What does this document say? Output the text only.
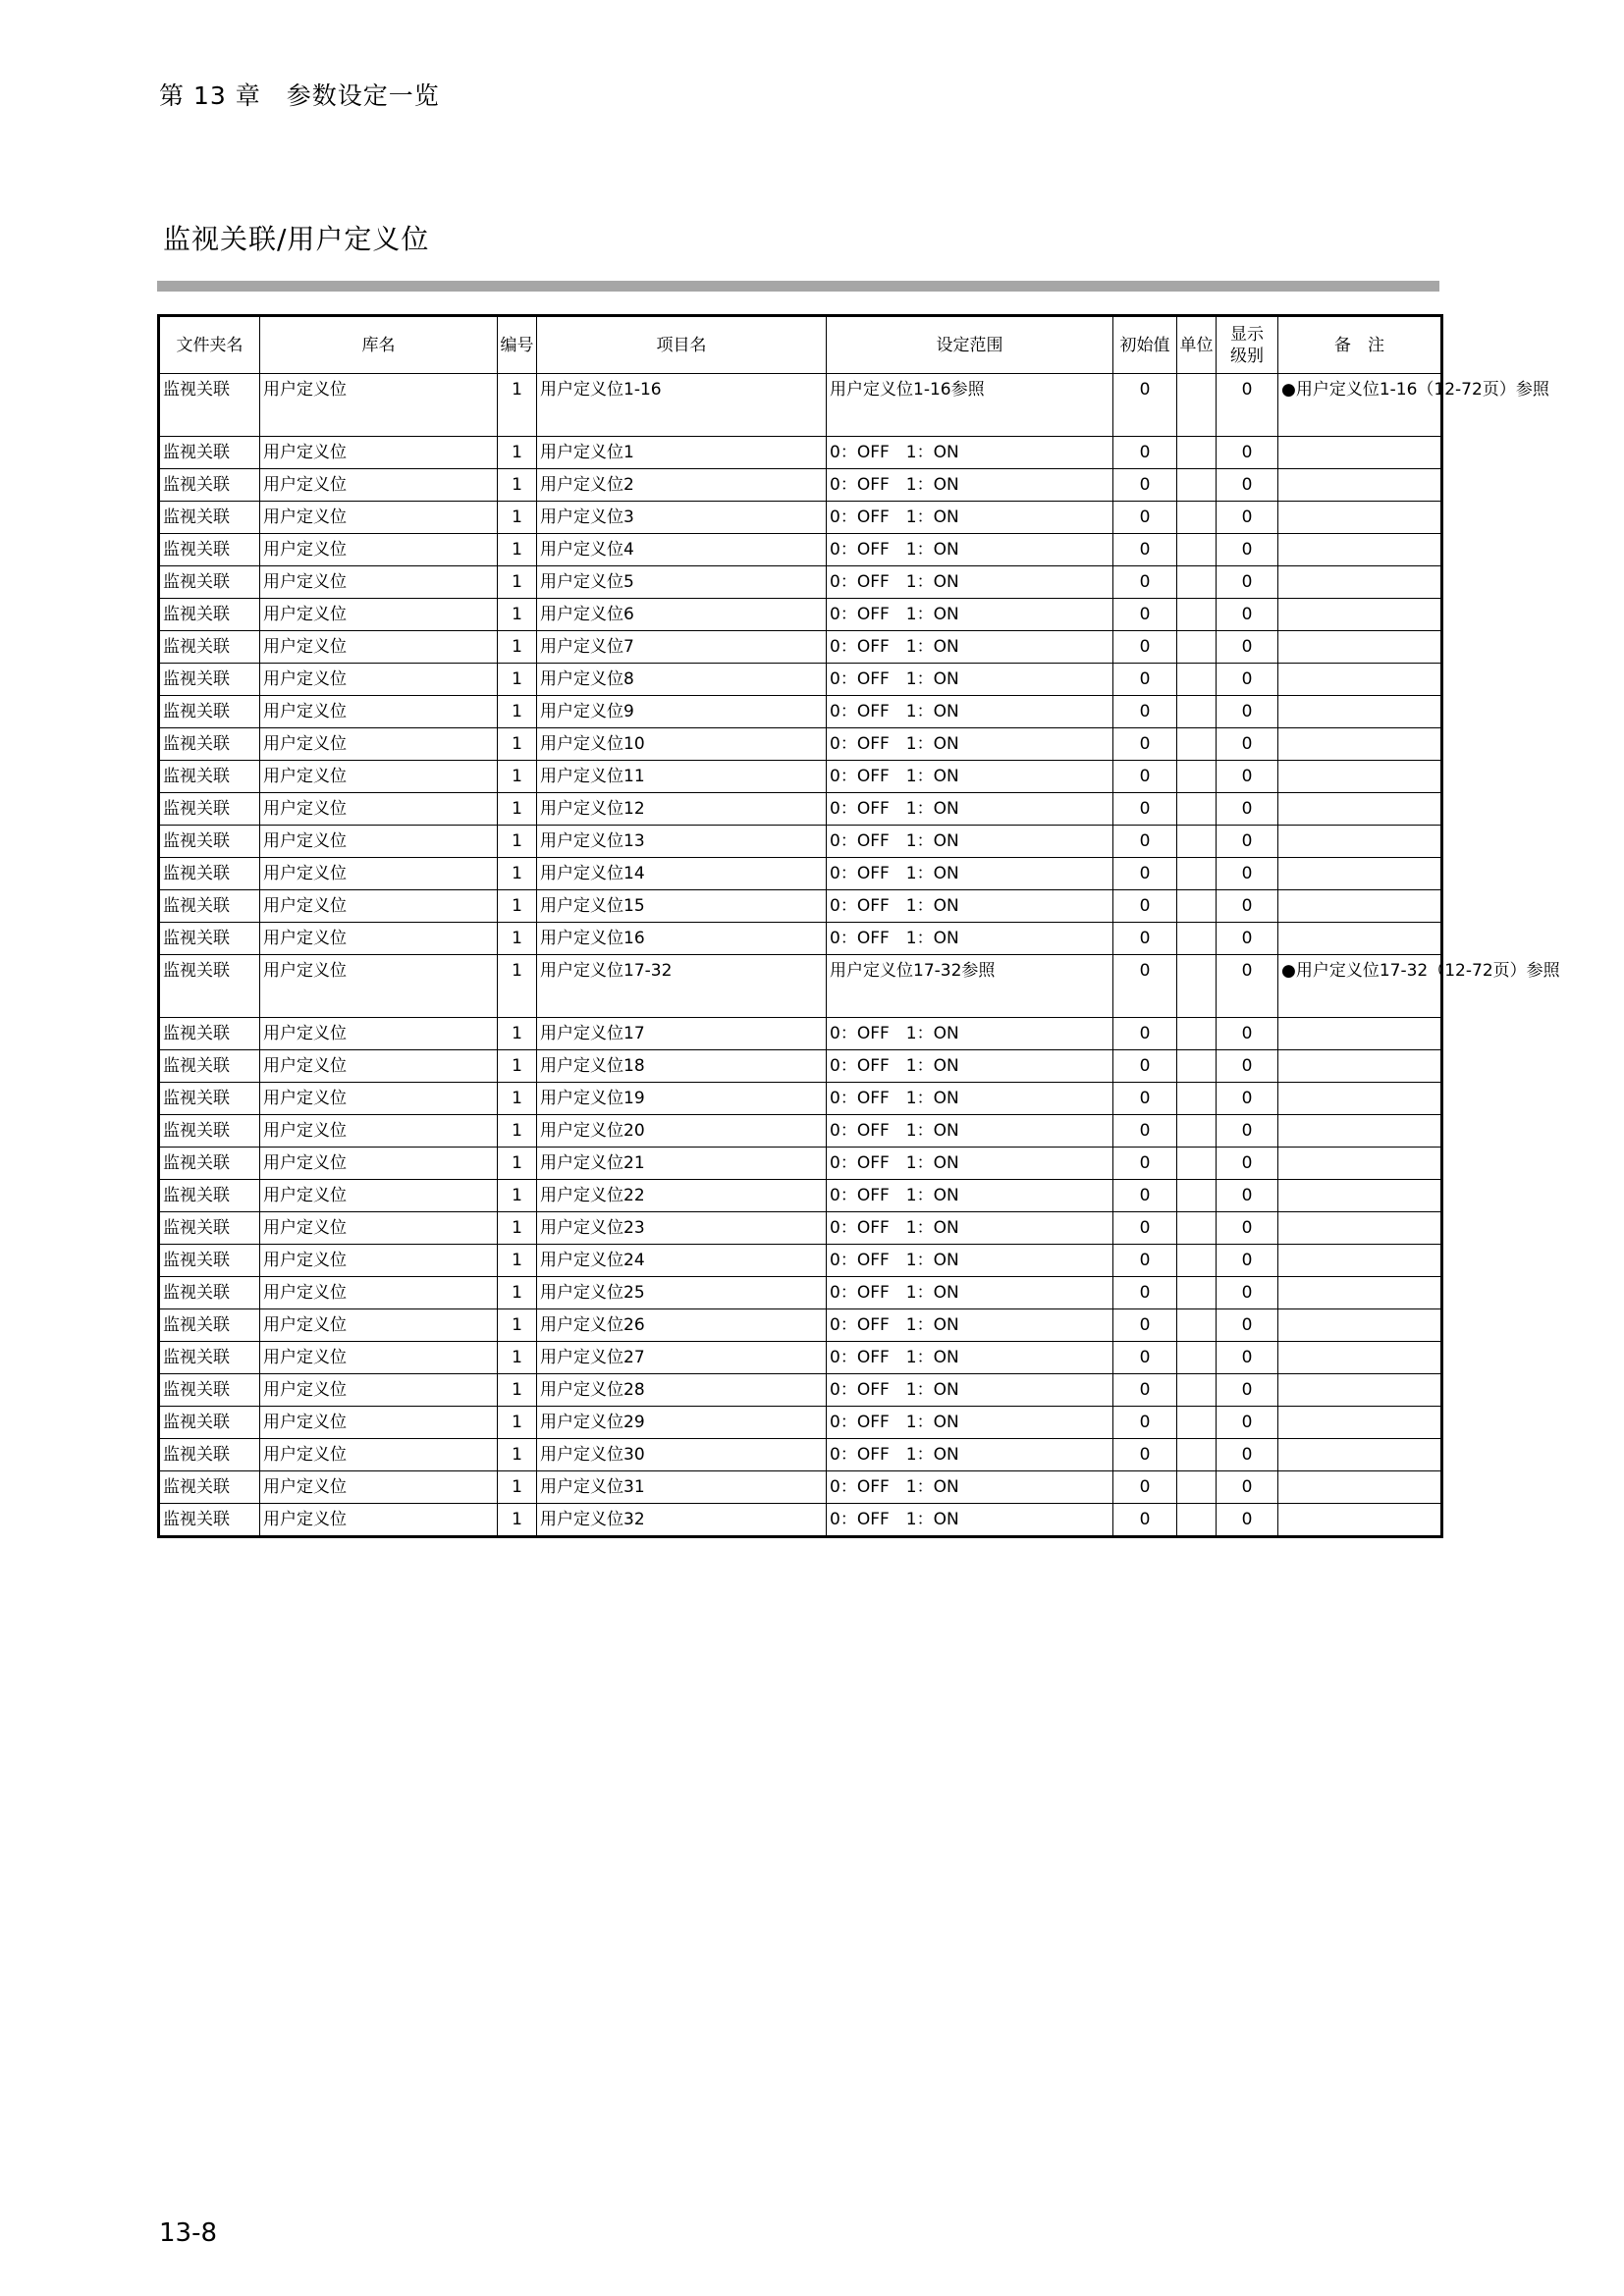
第 13 章　参数设定一览
监视关联/用户定义位
文件夹名	库名	编号	项目名	设定范围	初始值	单位	显示级别	备　注
监视关联	用户定义位	1	用户定义位1-16	用户定义位1-16参照	0		0	●用户定义位1-16（12-72页）参照
监视关联	用户定义位	1	用户定义位1	0：OFF　1：ON	0		0	
监视关联	用户定义位	1	用户定义位2	0：OFF　1：ON	0		0	
监视关联	用户定义位	1	用户定义位3	0：OFF　1：ON	0		0	
监视关联	用户定义位	1	用户定义位4	0：OFF　1：ON	0		0	
监视关联	用户定义位	1	用户定义位5	0：OFF　1：ON	0		0	
监视关联	用户定义位	1	用户定义位6	0：OFF　1：ON	0		0	
监视关联	用户定义位	1	用户定义位7	0：OFF　1：ON	0		0	
监视关联	用户定义位	1	用户定义位8	0：OFF　1：ON	0		0	
监视关联	用户定义位	1	用户定义位9	0：OFF　1：ON	0		0	
监视关联	用户定义位	1	用户定义位10	0：OFF　1：ON	0		0	
监视关联	用户定义位	1	用户定义位11	0：OFF　1：ON	0		0	
监视关联	用户定义位	1	用户定义位12	0：OFF　1：ON	0		0	
监视关联	用户定义位	1	用户定义位13	0：OFF　1：ON	0		0	
监视关联	用户定义位	1	用户定义位14	0：OFF　1：ON	0		0	
监视关联	用户定义位	1	用户定义位15	0：OFF　1：ON	0		0	
监视关联	用户定义位	1	用户定义位16	0：OFF　1：ON	0		0	
监视关联	用户定义位	1	用户定义位17-32	用户定义位17-32参照	0		0	●用户定义位17-32（12-72页）参照
监视关联	用户定义位	1	用户定义位17	0：OFF　1：ON	0		0	
监视关联	用户定义位	1	用户定义位18	0：OFF　1：ON	0		0	
监视关联	用户定义位	1	用户定义位19	0：OFF　1：ON	0		0	
监视关联	用户定义位	1	用户定义位20	0：OFF　1：ON	0		0	
监视关联	用户定义位	1	用户定义位21	0：OFF　1：ON	0		0	
监视关联	用户定义位	1	用户定义位22	0：OFF　1：ON	0		0	
监视关联	用户定义位	1	用户定义位23	0：OFF　1：ON	0		0	
监视关联	用户定义位	1	用户定义位24	0：OFF　1：ON	0		0	
监视关联	用户定义位	1	用户定义位25	0：OFF　1：ON	0		0	
监视关联	用户定义位	1	用户定义位26	0：OFF　1：ON	0		0	
监视关联	用户定义位	1	用户定义位27	0：OFF　1：ON	0		0	
监视关联	用户定义位	1	用户定义位28	0：OFF　1：ON	0		0	
监视关联	用户定义位	1	用户定义位29	0：OFF　1：ON	0		0	
监视关联	用户定义位	1	用户定义位30	0：OFF　1：ON	0		0	
监视关联	用户定义位	1	用户定义位31	0：OFF　1：ON	0		0	
监视关联	用户定义位	1	用户定义位32	0：OFF　1：ON	0		0	
13-8
